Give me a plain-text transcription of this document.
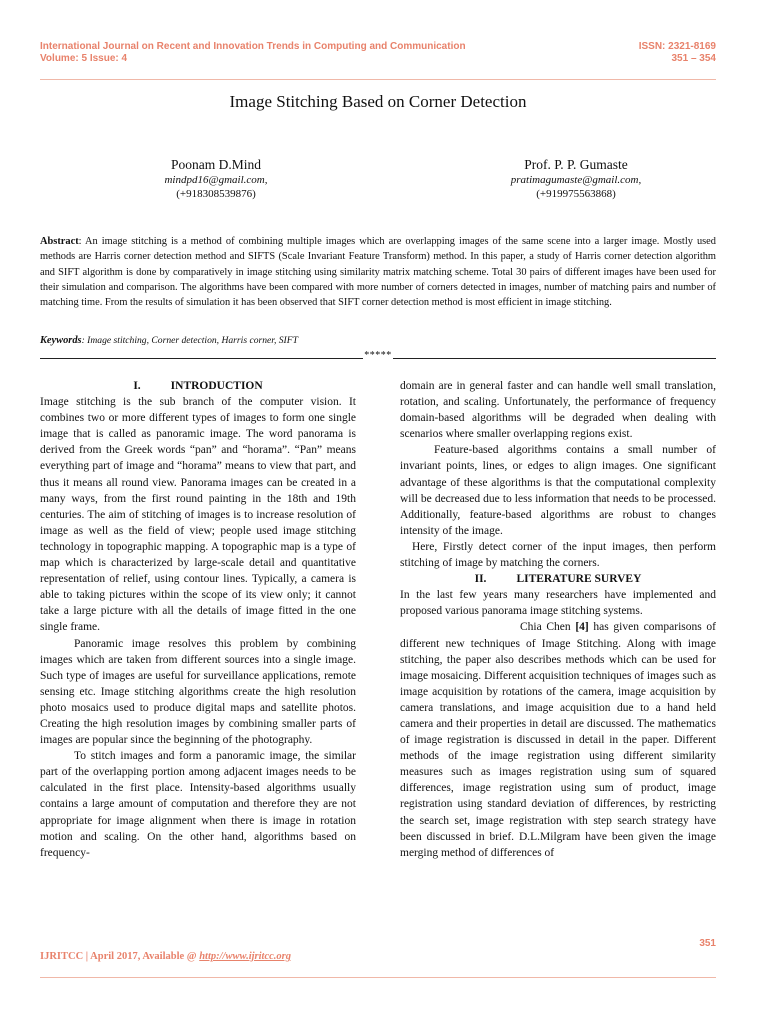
International Journal on Recent and Innovation Trends in Computing and Communication	ISSN: 2321-8169
Volume: 5 Issue: 4	351 – 354
Image Stitching Based on Corner Detection
Poonam D.Mind
mindpd16@gmail.com,
(+918308539876)
Prof. P. P. Gumaste
pratimagumaste@gmail.com,
(+919975563868)
Abstract: An image stitching is a method of combining multiple images which are overlapping images of the same scene into a larger image. Mostly used methods are Harris corner detection method and SIFTS (Scale Invariant Feature Transform) method. In this paper, a study of Harris corner detection algorithm and SIFT algorithm is done by comparatively in image stitching using similarity matrix matching scheme. Total 30 pairs of different images have been used for their simulation and comparison. The algorithms have been compared with more number of corners detected in images, number of matching pairs and number of matching time. From the results of simulation it has been observed that SIFT corner detection method is most efficient in image stitching.
Keywords: Image stitching, Corner detection, Harris corner, SIFT
*****

I.	INTRODUCTION

Image stitching is the sub branch of the computer vision. It combines two or more different types of images to form one single image that is called as panoramic image. The word panorama is derived from the Greek words “pan” and “horama”. “Pan” means everything part of image and “horama” means to view that part, and thus it means all round view. Panorama images can be created in a many ways, from the first round painting in the 18th and 19th centuries. The aim of stitching of images is to increase resolution of image as well as the field of view; people used image stitching technology in topographic mapping. A topographic map is a type of map which is characterized by large-scale detail and quantitative representation of relief, using contour lines. Typically, a camera is able to taking pictures within the scope of its view only; it cannot take a large picture with all the details of image fitted in the one single frame.

Panoramic image resolves this problem by combining images which are taken from different sources into a single image. Such type of images are useful for surveillance applications, remote sensing etc. Image stitching algorithms create the high resolution photo mosaics used to produce digital maps and satellite photos. Creating the high resolution images by combining smaller parts of images are popular since the beginning of the photography.

To stitch images and form a panoramic image, the similar part of the overlapping portion among adjacent images needs to be calculated in the first place. Intensity-based algorithms usually contains a large amount of computation and therefore they are not appropriate for image alignment when there is image in rotation motion and scaling. On the other hand, algorithms based on frequency-

domain are in general faster and can handle well small translation, rotation, and scaling. Unfortunately, the performance of frequency domain-based algorithms will be degraded when dealing with scenarios where smaller overlapping regions exist.

Feature-based algorithms contains a small number of invariant points, lines, or edges to align images. One significant advantage of these algorithms is that the computational complexity will be decreased due to less information that needs to be processed. Additionally, feature-based algorithms are robust to changes intensity of the image.

Here, Firstly detect corner of the input images, then perform stitching of image by matching the corners.

II.	LITERATURE SURVEY

In the last few years many researchers have implemented and proposed various panorama image stitching systems.

Chia Chen [4] has given comparisons of different new techniques of Image Stitching. Along with image stitching, the paper also describes methods which can be used for image mosaicing. Different acquisition techniques of images such as image acquisition by rotations of the camera, image acquisition by camera translations, and image acquisition due to a hand held camera and their properties in detail are discussed. The mathematics of image registration is discussed in detail in the paper. Different methods of the image registration using different similarity measures such as images registration using sum of squared differences, image registration using sum of product, image registration using standard deviation of differences, by restricting the search set, image registration with step search strategy have been discussed in brief. D.L.Milgram have been given the image merging method of differences of

351
IJRITCC | April 2017, Available @ http://www.ijritcc.org
